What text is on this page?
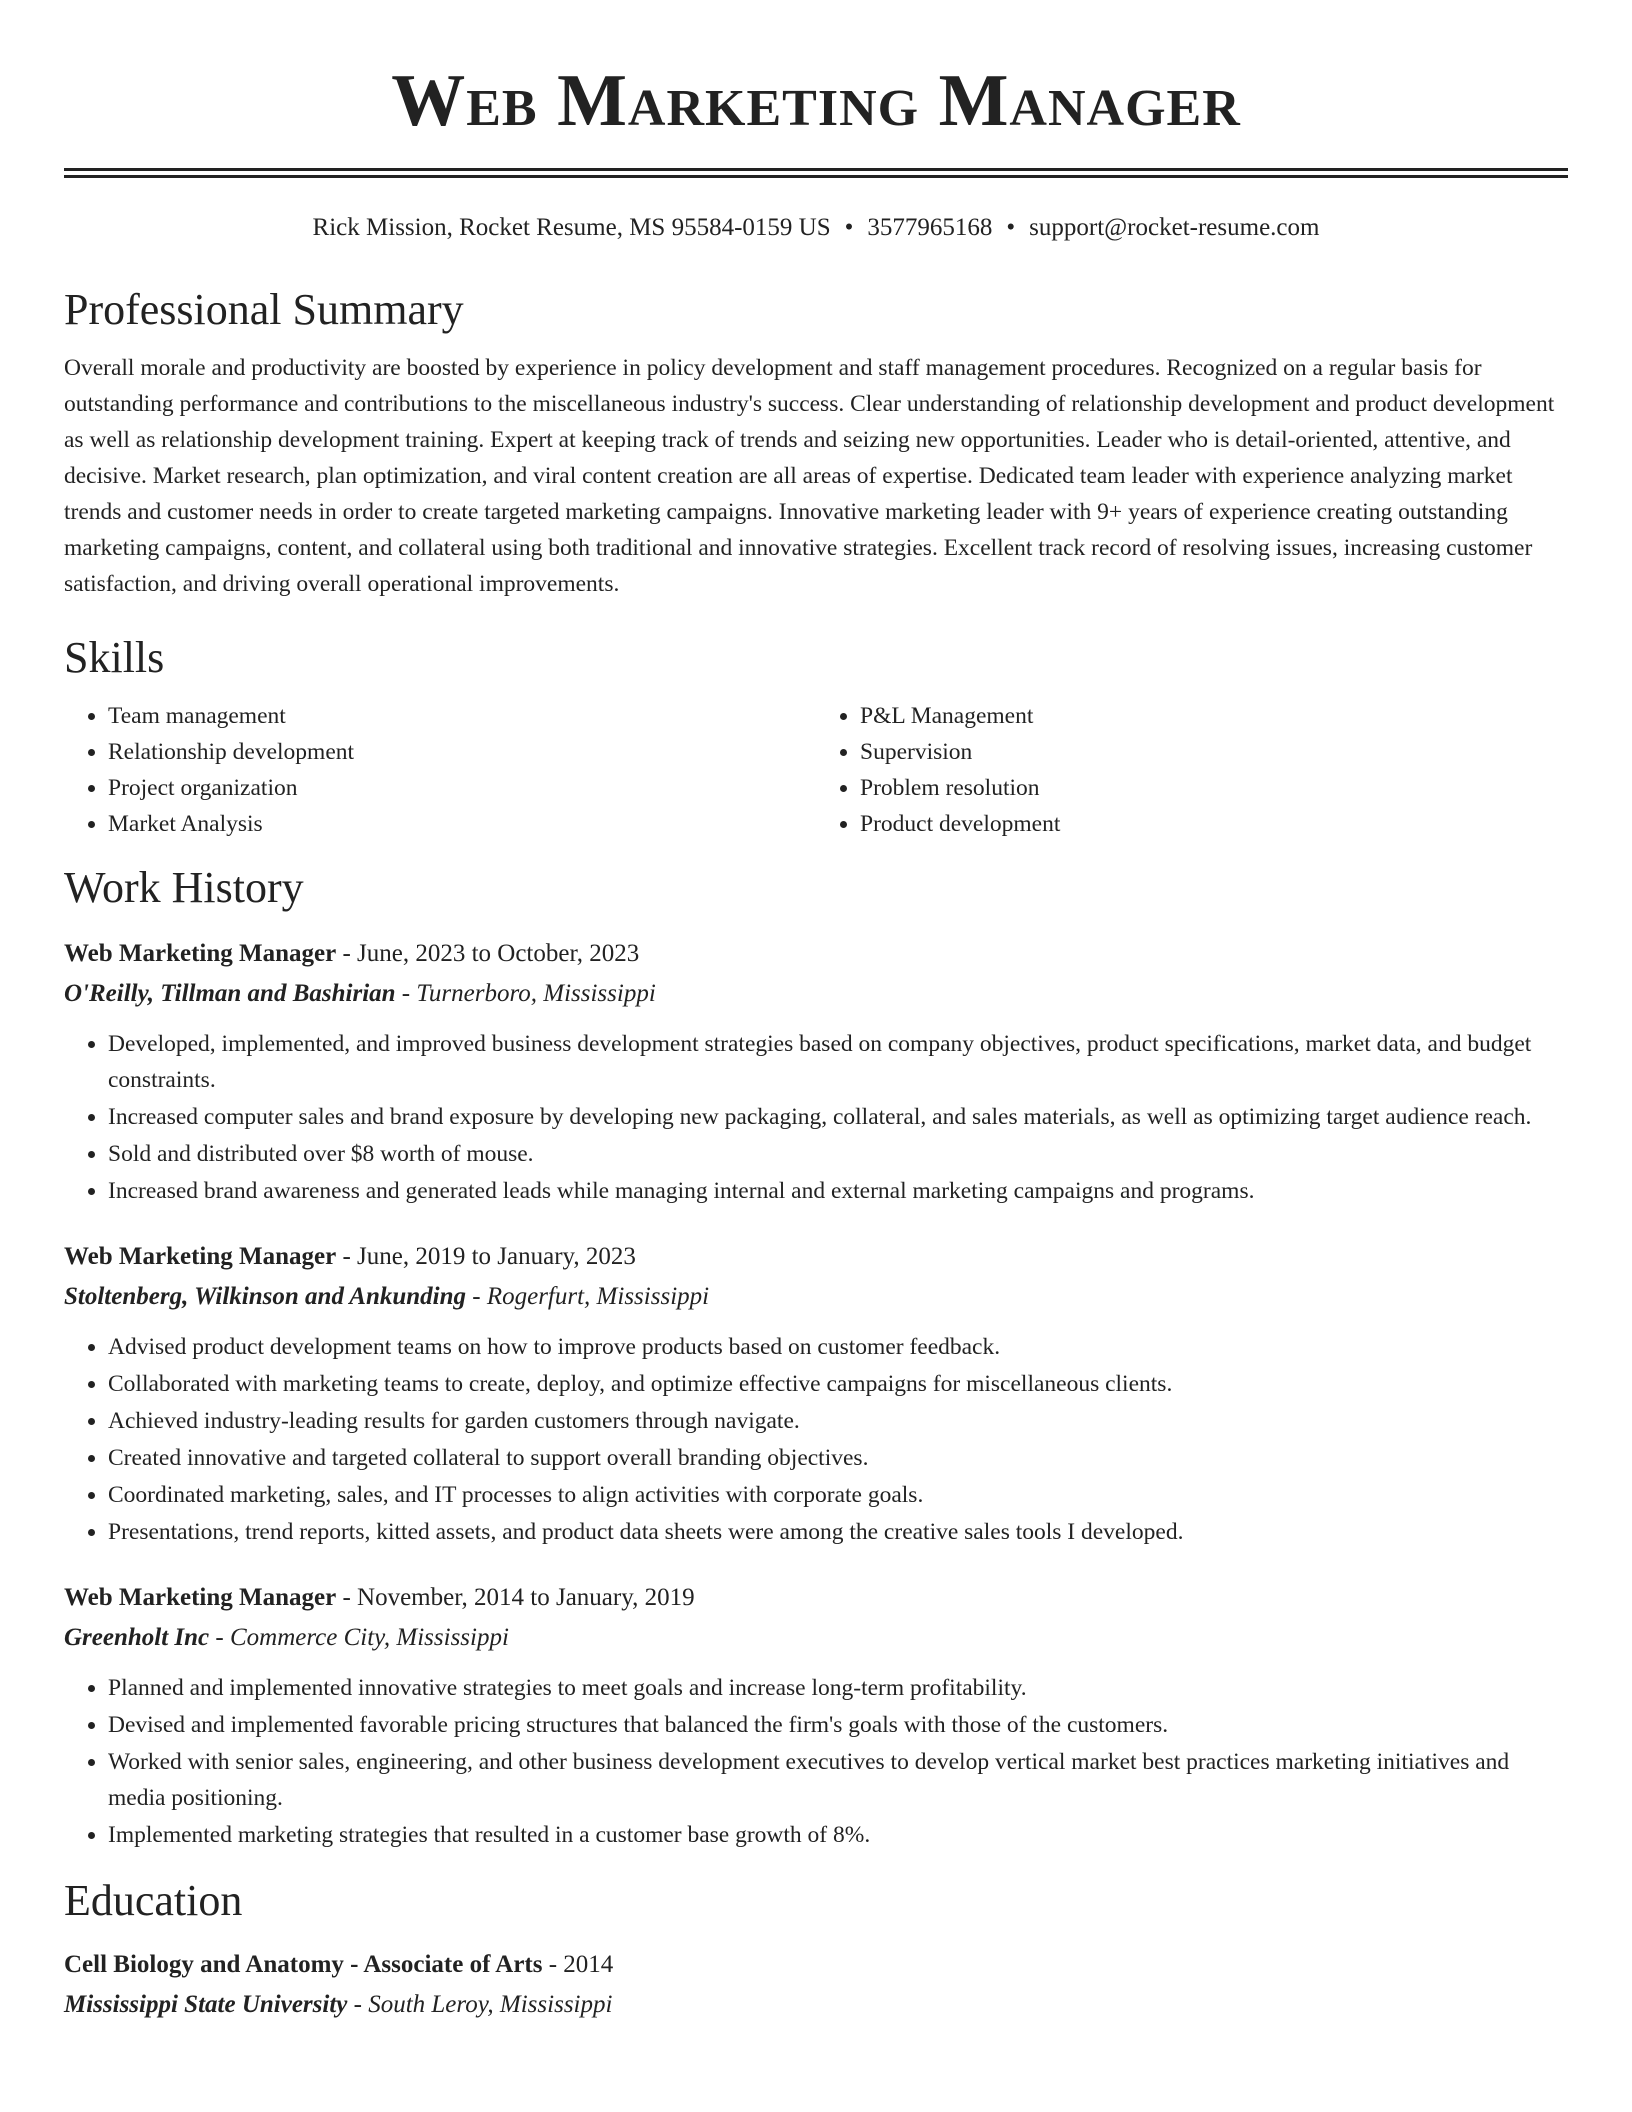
Web Marketing Manager
Rick Mission, Rocket Resume, MS 95584-0159 US • 3577965168 • support@rocket-resume.com
Professional Summary

Overall morale and productivity are boosted by experience in policy development and staff management procedures. Recognized on a regular basis for outstanding performance and contributions to the miscellaneous industry's success. Clear understanding of relationship development and product development as well as relationship development training. Expert at keeping track of trends and seizing new opportunities. Leader who is detail-oriented, attentive, and decisive. Market research, plan optimization, and viral content creation are all areas of expertise. Dedicated team leader with experience analyzing market trends and customer needs in order to create targeted marketing campaigns. Innovative marketing leader with 9+ years of experience creating outstanding marketing campaigns, content, and collateral using both traditional and innovative strategies. Excellent track record of resolving issues, increasing customer satisfaction, and driving overall operational improvements.

Skills
• Team management
• Relationship development
• Project organization
• Market Analysis
• P&L Management
• Supervision
• Problem resolution
• Product development
Work History
Web Marketing Manager - June, 2023 to October, 2023
O'Reilly, Tillman and Bashirian - Turnerboro, Mississippi
• Developed, implemented, and improved business development strategies based on company objectives, product specifications, market data, and budget constraints.
• Increased computer sales and brand exposure by developing new packaging, collateral, and sales materials, as well as optimizing target audience reach.
• Sold and distributed over $8 worth of mouse.
• Increased brand awareness and generated leads while managing internal and external marketing campaigns and programs.
Web Marketing Manager - June, 2019 to January, 2023
Stoltenberg, Wilkinson and Ankunding - Rogerfurt, Mississippi
• Advised product development teams on how to improve products based on customer feedback.
• Collaborated with marketing teams to create, deploy, and optimize effective campaigns for miscellaneous clients.
• Achieved industry-leading results for garden customers through navigate.
• Created innovative and targeted collateral to support overall branding objectives.
• Coordinated marketing, sales, and IT processes to align activities with corporate goals.
• Presentations, trend reports, kitted assets, and product data sheets were among the creative sales tools I developed.
Web Marketing Manager - November, 2014 to January, 2019
Greenholt Inc - Commerce City, Mississippi
• Planned and implemented innovative strategies to meet goals and increase long-term profitability.
• Devised and implemented favorable pricing structures that balanced the firm's goals with those of the customers.
• Worked with senior sales, engineering, and other business development executives to develop vertical market best practices marketing initiatives and media positioning.
• Implemented marketing strategies that resulted in a customer base growth of 8%.
Education
Cell Biology and Anatomy - Associate of Arts - 2014
Mississippi State University - South Leroy, Mississippi
